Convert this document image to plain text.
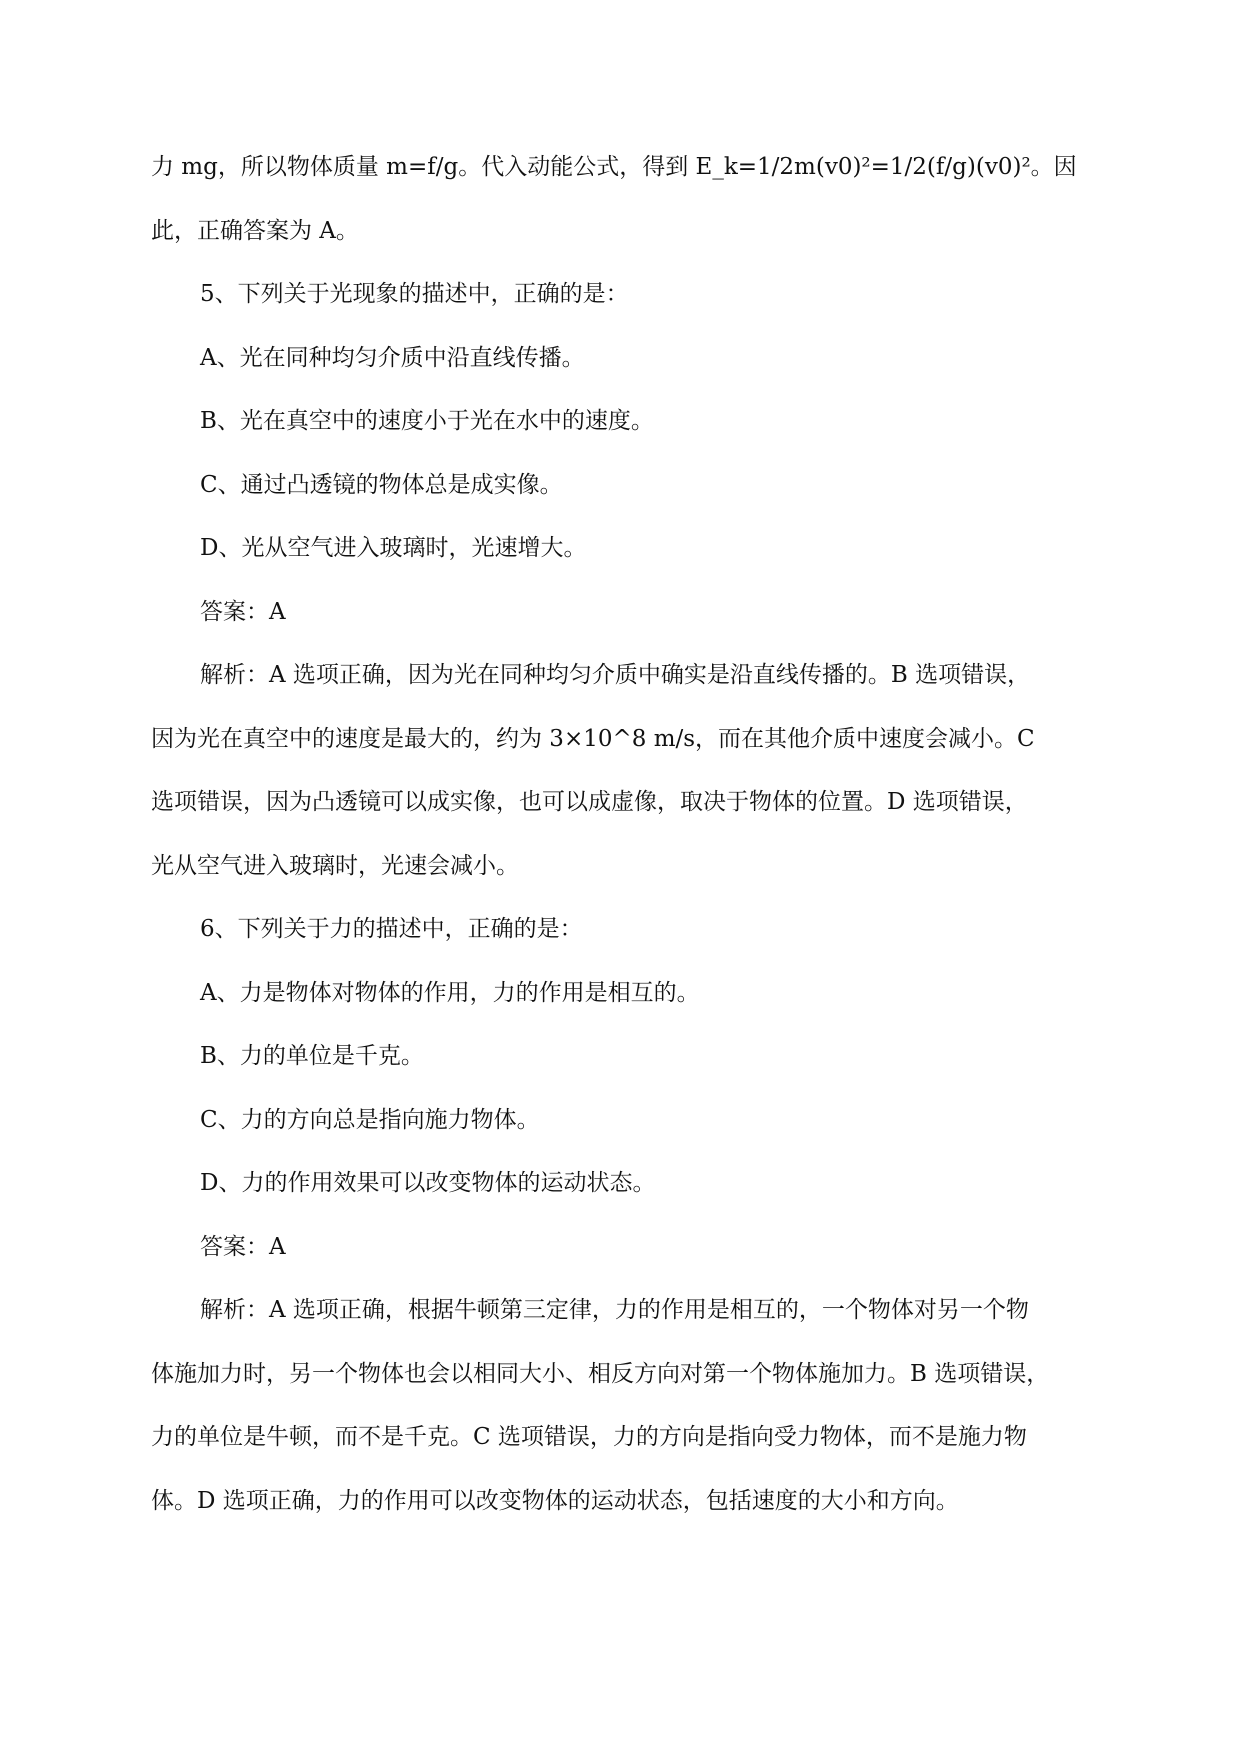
力 mg，所以物体质量 m=f/g。代入动能公式，得到 E_k=1/2m(v0)²=1/2(f/g)(v0)²。因
此，正确答案为 A。
5、下列关于光现象的描述中，正确的是：
A、光在同种均匀介质中沿直线传播。
B、光在真空中的速度小于光在水中的速度。
C、通过凸透镜的物体总是成实像。
D、光从空气进入玻璃时，光速增大。
答案：A
解析：A 选项正确，因为光在同种均匀介质中确实是沿直线传播的。B 选项错误，
因为光在真空中的速度是最大的，约为 3×10^8 m/s，而在其他介质中速度会减小。C
选项错误，因为凸透镜可以成实像，也可以成虚像，取决于物体的位置。D 选项错误，
光从空气进入玻璃时，光速会减小。
6、下列关于力的描述中，正确的是：
A、力是物体对物体的作用，力的作用是相互的。
B、力的单位是千克。
C、力的方向总是指向施力物体。
D、力的作用效果可以改变物体的运动状态。
答案：A
解析：A 选项正确，根据牛顿第三定律，力的作用是相互的，一个物体对另一个物
体施加力时，另一个物体也会以相同大小、相反方向对第一个物体施加力。B 选项错误，
力的单位是牛顿，而不是千克。C 选项错误，力的方向是指向受力物体，而不是施力物
体。D 选项正确，力的作用可以改变物体的运动状态，包括速度的大小和方向。
